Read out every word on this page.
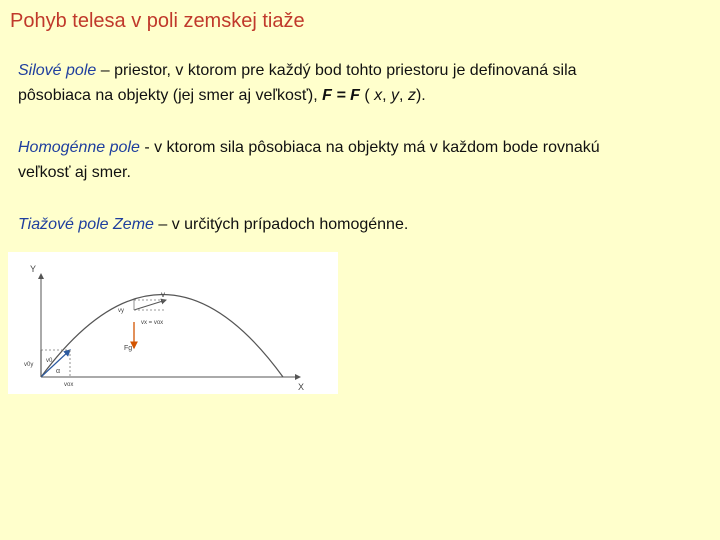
Pohyb telesa v poli zemskej tiaže
Silové pole – priestor, v ktorom pre každý bod tohto priestoru je definovaná sila
pôsobiaca na objekty (jej smer aj veľkosť), F = F ( x, y, z).
Homogénne pole - v ktorom sila pôsobiaca na objekty má v každom bode rovnakú
veľkosť aj smer.
Tiažové pole Zeme – v určitých prípadoch homogénne.
Y
X
v
vy
vx = vox
Fg
v0
v0y
α
vox
